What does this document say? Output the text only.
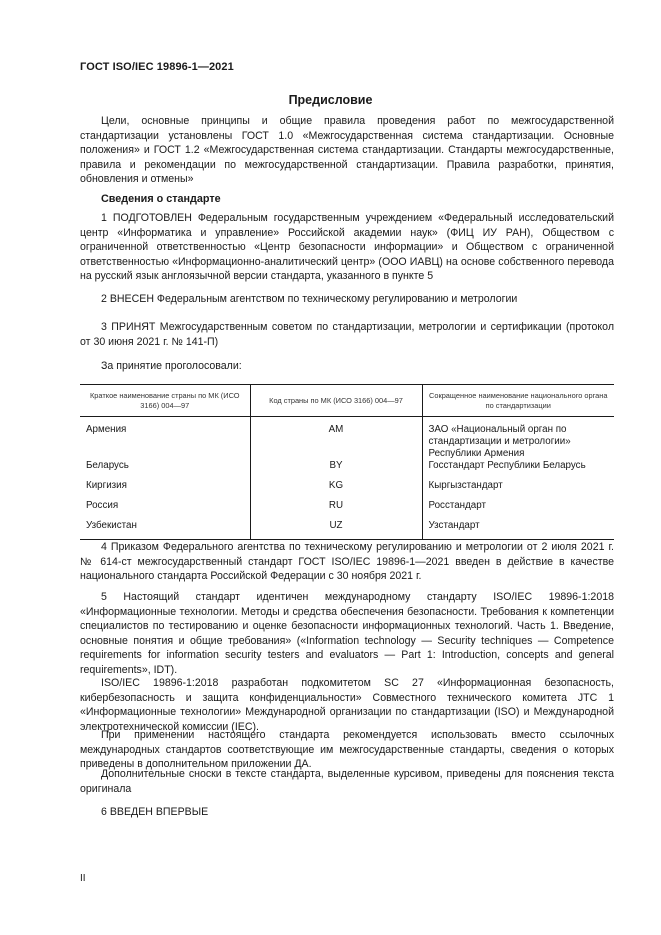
ГОСТ ISO/IEC 19896-1—2021
Предисловие
Цели, основные принципы и общие правила проведения работ по межгосударственной стандартизации установлены ГОСТ 1.0 «Межгосударственная система стандартизации. Основные положения» и ГОСТ 1.2 «Межгосударственная система стандартизации. Стандарты межгосударственные, правила и рекомендации по межгосударственной стандартизации. Правила разработки, принятия, обновления и отмены»
Сведения о стандарте
1 ПОДГОТОВЛЕН Федеральным государственным учреждением «Федеральный исследовательский центр «Информатика и управление» Российской академии наук» (ФИЦ ИУ РАН), Обществом с ограниченной ответственностью «Центр безопасности информации» и Обществом с ограниченной ответственностью «Информационно-аналитический центр» (ООО ИАВЦ) на основе собственного перевода на русский язык англоязычной версии стандарта, указанного в пункте 5
2 ВНЕСЕН Федеральным агентством по техническому регулированию и метрологии
3 ПРИНЯТ Межгосударственным советом по стандартизации, метрологии и сертификации (протокол от 30 июня 2021 г. № 141-П)
За принятие проголосовали:
Краткое наименование страны по МК (ИСО 3166) 004—97	Код страны по МК (ИСО 3166) 004—97	Сокращенное наименование национального органа по стандартизации
Армения	AM	ЗАО «Национальный орган по стандартизации и метрологии» Республики Армения
Беларусь	BY	Госстандарт Республики Беларусь
Киргизия	KG	Кыргызстандарт
Россия	RU	Росстандарт
Узбекистан	UZ	Узстандарт
4 Приказом Федерального агентства по техническому регулированию и метрологии от 2 июля 2021 г. № 614-ст межгосударственный стандарт ГОСТ ISO/IEC 19896-1—2021 введен в действие в качестве национального стандарта Российской Федерации с 30 ноября 2021 г.
5 Настоящий стандарт идентичен международному стандарту ISO/IEC 19896-1:2018 «Информационные технологии. Методы и средства обеспечения безопасности. Требования к компетенции специалистов по тестированию и оценке безопасности информационных технологий. Часть 1. Введение, основные понятия и общие требования» («Information technology — Security techniques — Competence requirements for information security testers and evaluators — Part 1: Introduction, concepts and general requirements», IDT).
ISO/IEC 19896-1:2018 разработан подкомитетом SC 27 «Информационная безопасность, кибербезопасность и защита конфиденциальности» Совместного технического комитета JTC 1 «Информационные технологии» Международной организации по стандартизации (ISO) и Международной электротехнической комиссии (IEC).
При применении настоящего стандарта рекомендуется использовать вместо ссылочных международных стандартов соответствующие им межгосударственные стандарты, сведения о которых приведены в дополнительном приложении ДА.
Дополнительные сноски в тексте стандарта, выделенные курсивом, приведены для пояснения текста оригинала
6 ВВЕДЕН ВПЕРВЫЕ
II
